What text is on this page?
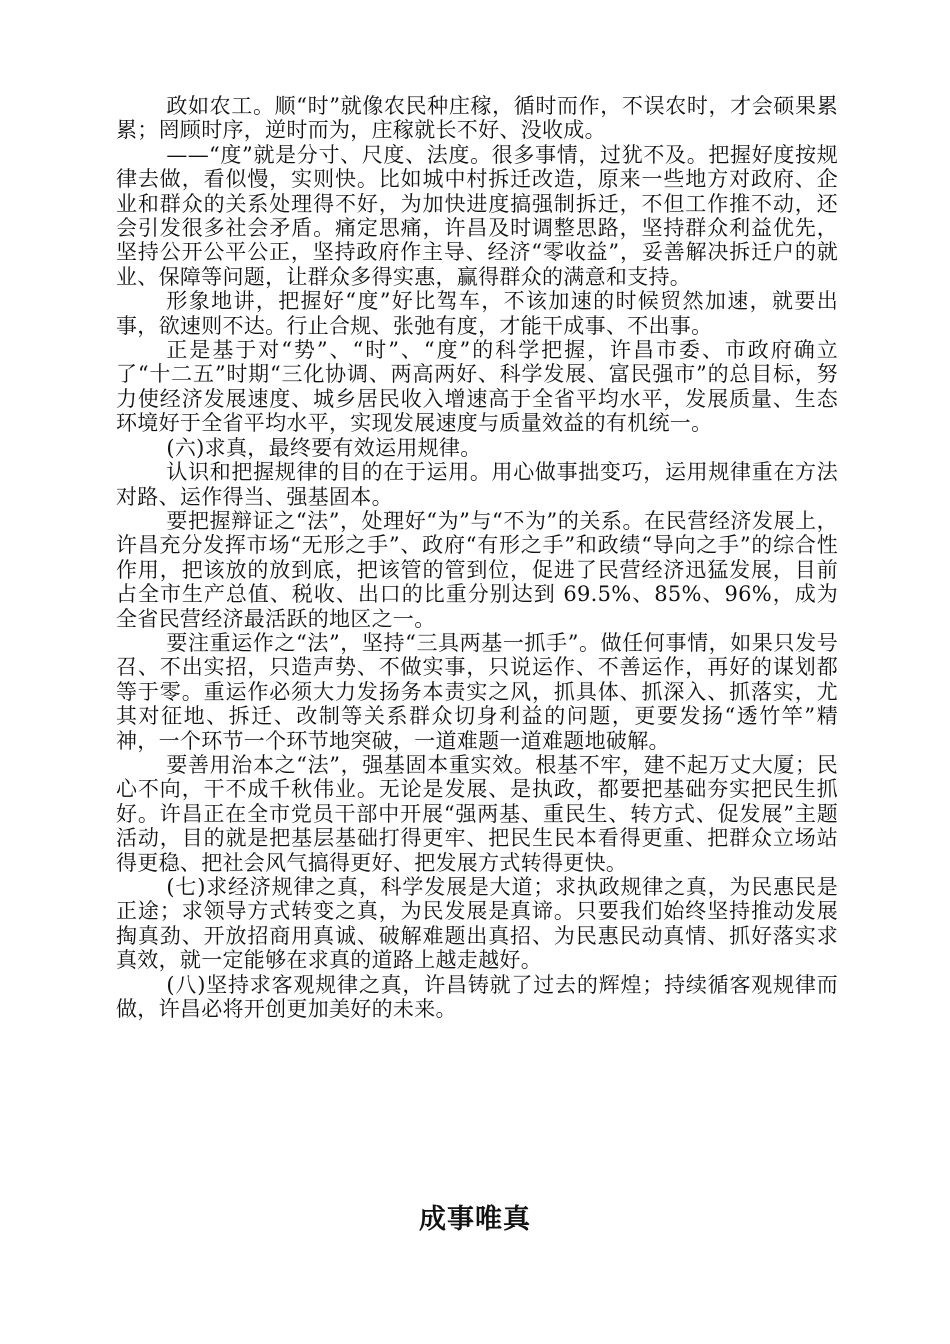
政如农工。顺“时”就像农民种庄稼，循时而作，不误农时，才会硕果累累；罔顾时序，逆时而为，庄稼就长不好、没收成。

——“度”就是分寸、尺度、法度。很多事情，过犹不及。把握好度按规律去做，看似慢，实则快。比如城中村拆迁改造，原来一些地方对政府、企业和群众的关系处理得不好，为加快进度搞强制拆迁，不但工作推不动，还会引发很多社会矛盾。痛定思痛，许昌及时调整思路，坚持群众利益优先，坚持公开公平公正，坚持政府作主导、经济“零收益”，妥善解决拆迁户的就业、保障等问题，让群众多得实惠，赢得群众的满意和支持。

形象地讲，把握好“度”好比驾车，不该加速的时候贸然加速，就要出事，欲速则不达。行止合规、张弛有度，才能干成事、不出事。

正是基于对“势”、“时”、“度”的科学把握，许昌市委、市政府确立了“十二五”时期“三化协调、两高两好、科学发展、富民强市”的总目标，努力使经济发展速度、城乡居民收入增速高于全省平均水平，发展质量、生态环境好于全省平均水平，实现发展速度与质量效益的有机统一。

(六)求真，最终要有效运用规律。

认识和把握规律的目的在于运用。用心做事拙变巧，运用规律重在方法对路、运作得当、强基固本。

要把握辩证之“法”，处理好“为”与“不为”的关系。在民营经济发展上，许昌充分发挥市场“无形之手”、政府“有形之手”和政绩“导向之手”的综合性作用，把该放的放到底，把该管的管到位，促进了民营经济迅猛发展，目前占全市生产总值、税收、出口的比重分别达到 69.5%、85%、96%，成为全省民营经济最活跃的地区之一。

要注重运作之“法”，坚持“三具两基一抓手”。做任何事情，如果只发号召、不出实招，只造声势、不做实事，只说运作、不善运作，再好的谋划都等于零。重运作必须大力发扬务本责实之风，抓具体、抓深入、抓落实，尤其对征地、拆迁、改制等关系群众切身利益的问题，更要发扬“透竹竿”精神，一个环节一个环节地突破，一道难题一道难题地破解。

要善用治本之“法”，强基固本重实效。根基不牢，建不起万丈大厦；民心不向，干不成千秋伟业。无论是发展、是执政，都要把基础夯实把民生抓好。许昌正在全市党员干部中开展“强两基、重民生、转方式、促发展”主题活动，目的就是把基层基础打得更牢、把民生民本看得更重、把群众立场站得更稳、把社会风气搞得更好、把发展方式转得更快。

(七)求经济规律之真，科学发展是大道；求执政规律之真，为民惠民是正途；求领导方式转变之真，为民发展是真谛。只要我们始终坚持推动发展掏真劲、开放招商用真诚、破解难题出真招、为民惠民动真情、抓好落实求真效，就一定能够在求真的道路上越走越好。

(八)坚持求客观规律之真，许昌铸就了过去的辉煌；持续循客观规律而做，许昌必将开创更加美好的未来。

成事唯真
